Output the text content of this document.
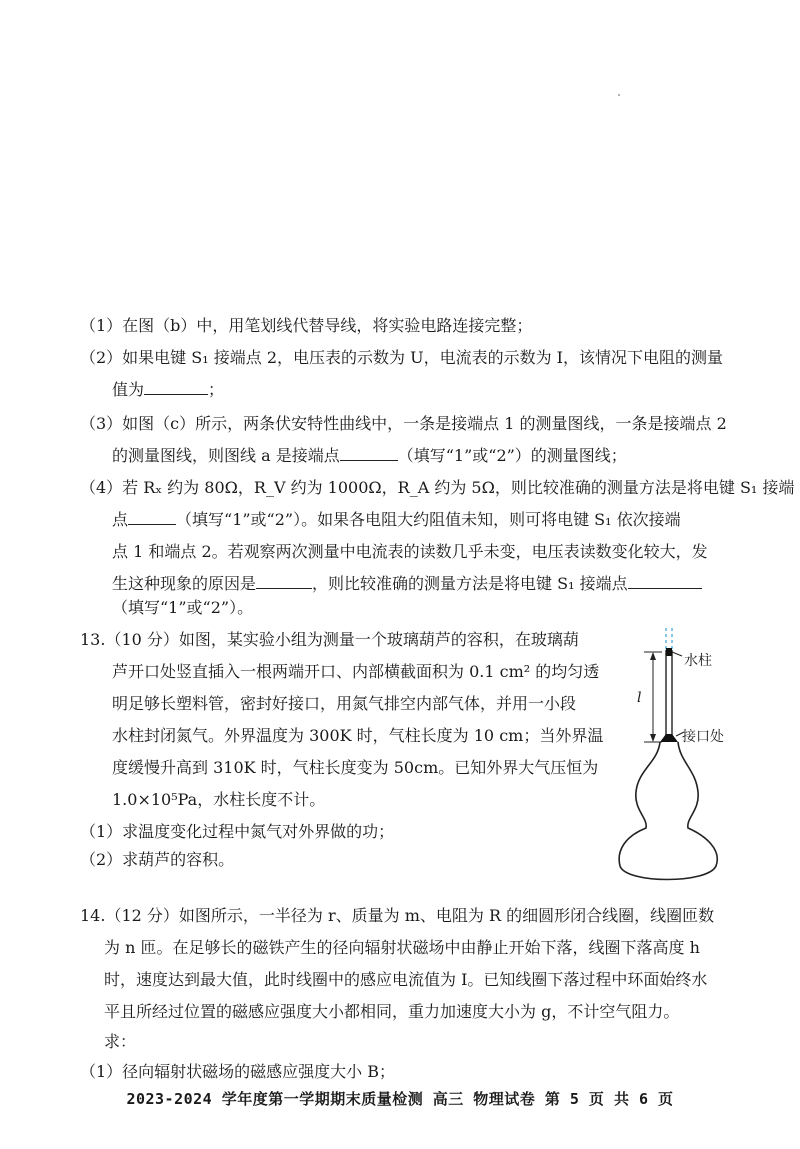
（1）在图（b）中，用笔划线代替导线，将实验电路连接完整；
（2）如果电键 S₁ 接端点 2，电压表的示数为 U，电流表的示数为 I，该情况下电阻的测量
值为	；
（3）如图（c）所示，两条伏安特性曲线中，一条是接端点 1 的测量图线，一条是接端点 2
的测量图线，则图线 a 是接端点	（填写“1”或“2”）的测量图线；
（4）若 Rₓ 约为 80Ω，R_V 约为 1000Ω，R_A 约为 5Ω，则比较准确的测量方法是将电键 S₁ 接端
点	（填写“1”或“2”）。如果各电阻大约阻值未知，则可将电键 S₁ 依次接端
点 1 和端点 2。若观察两次测量中电流表的读数几乎未变，电压表读数变化较大，发
生这种现象的原因是	，则比较准确的测量方法是将电键 S₁ 接端点
（填写“1”或“2”）。
13.（10 分）如图，某实验小组为测量一个玻璃葫芦的容积，在玻璃葫
芦开口处竖直插入一根两端开口、内部横截面积为 0.1 cm² 的均匀透
明足够长塑料管，密封好接口，用氮气排空内部气体，并用一小段
水柱封闭氮气。外界温度为 300K 时，气柱长度为 10 cm；当外界温
度缓慢升高到 310K 时，气柱长度变为 50cm。已知外界大气压恒为
1.0×10⁵Pa，水柱长度不计。
（1）求温度变化过程中氮气对外界做的功；
（2）求葫芦的容积。
水柱
接口处
l
14.（12 分）如图所示，一半径为 r、质量为 m、电阻为 R 的细圆形闭合线圈，线圈匝数
为 n 匝。在足够长的磁铁产生的径向辐射状磁场中由静止开始下落，线圈下落高度 h
时，速度达到最大值，此时线圈中的感应电流值为 I。已知线圈下落过程中环面始终水
平且所经过位置的磁感应强度大小都相同，重力加速度大小为 g，不计空气阻力。
求：
（1）径向辐射状磁场的磁感应强度大小 B；
2023-2024 学年度第一学期期末质量检测 高三 物理试卷 第 5 页 共 6 页
